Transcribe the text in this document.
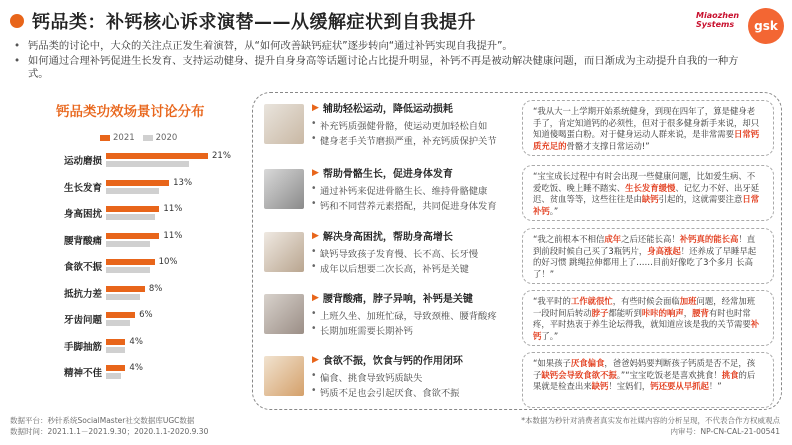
钙品类：补钙核心诉求演替——从缓解症状到自我提升	Miaozhen
Systems	gsk
• 钙品类的讨论中，大众的关注点正发生着演替，从“如何改善缺钙症状”逐步转向“通过补钙实现自我提升”。
• 如何通过合理补钙促进生长发育、支持运动健身、提升自身身高等话题讨论占比提升明显，补钙不再是被动解决健康问题，而日渐成为主动提升自我的一种方式。
钙品类功效场景讨论分布
2021 2020
运动磨损	21%
生长发育	13%
身高困扰	11%
腰背酸痛	11%
食欲不振	10%
抵抗力差	8%
牙齿问题	6%
手脚抽筋	4%
精神不佳	4%
▶ 辅助轻松运动，降低运动损耗
• 补充钙质强健骨骼，使运动更加轻松自如
• 健身老手关节磨损严重，补充钙质保护关节
“我从大一上学期开始系统健身，到现在四年了，算是健身老手了，肯定知道钙的必须性，但对于很多健身新手来说，却只知道傻喝蛋白粉。对于健身运动人群来说，是非常需要日常钙质充足的骨骼才支撑日常运动!”
▶ 帮助骨骼生长，促进身体发育
• 通过补钙来促进骨骼生长、维持骨骼健康
• 钙和不同营养元素搭配，共同促进身体发育
“宝宝成长过程中有时会出现一些健康问题，比如爱生病、不爱吃饭、晚上睡不踏实、生长发育缓慢、记忆力不好、出牙延迟、贫血等等，这些往往是由缺钙引起的，这就需要注意日常补钙。”
▶ 解决身高困扰，帮助身高增长
• 缺钙导致孩子发育慢、长不高、长牙慢
• 成年以后想要二次长高，补钙是关键
“我之前根本不相信成年之后还能长高！补钙真的能长高！直到前段时候自己买了3瓶钙片，身高涨起！还养成了早睡早起的好习惯 跳绳拉伸都用上了……目前好像吃了3个多月 长高了！”
▶ 腰背酸痛，脖子异响，补钙是关键
• 上班久坐、加班忙碌，导致颈椎、腰背酸疼
• 长期加班需要长期补钙
“我平时的工作就很忙，有些时候会面临加班问题，经常加班一段时间后转动脖子都能听到咔咔的响声，腰背有时也时常疼，平时热衷于养生论坛得我，就知道应该是我的关节需要补钙了。”
▶ 食欲不振，饮食与钙的作用闭环
• 偏食、挑食导致钙质缺失
• 钙质不足也会引起厌食、食欲不振
“如果孩子厌食偏食，爸爸妈妈要判断孩子钙质是否不足，孩子缺钙会导致食欲不振。”“宝宝吃饭老是喜欢挑食！挑食的后果就是检查出来缺钙！宝妈们，钙还要从早抓起！”
数据平台：秒针系统SocialMaster社交数据库UGC数据
数据时间：2021.1.1－2021.9.30；2020.1.1-2020.9.30
*本数据为秒针对消费者真实发布社媒内容的分析呈现，不代表合作方权威观点
内审号：NP-CN-CAL-21-00541
